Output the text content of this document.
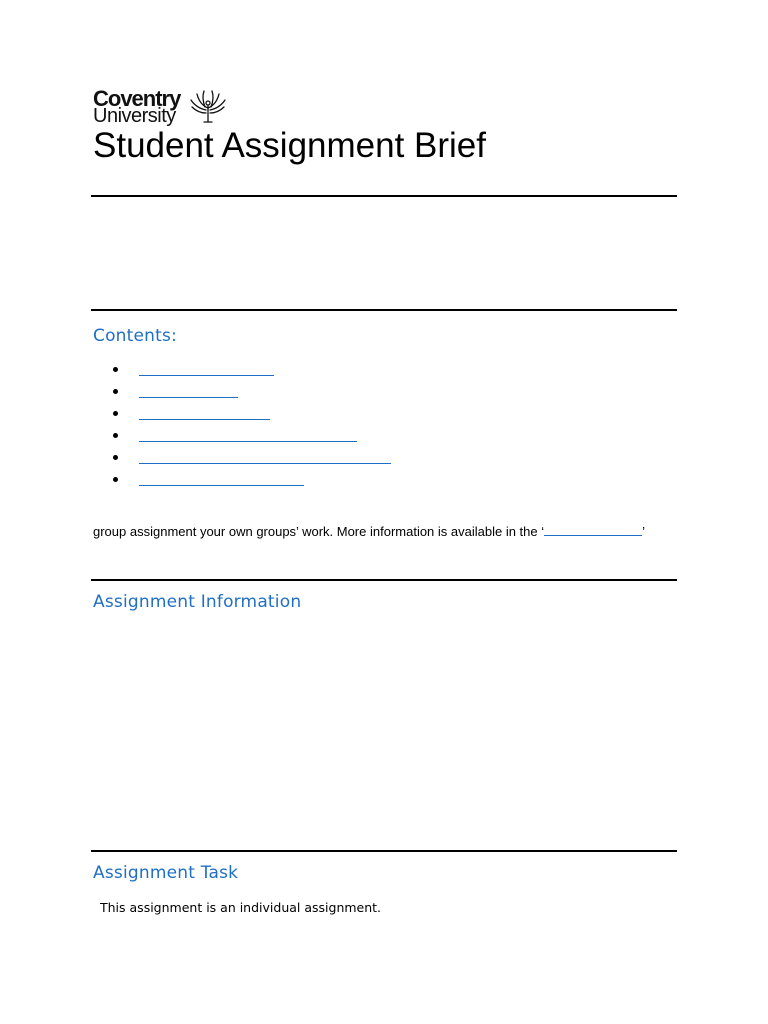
Coventry
University
Student Assignment Brief
Contents:

group assignment your own groups’ work. More information is available in the ‘	’

Assignment Information
Assignment Task

This assignment is an individual assignment.
